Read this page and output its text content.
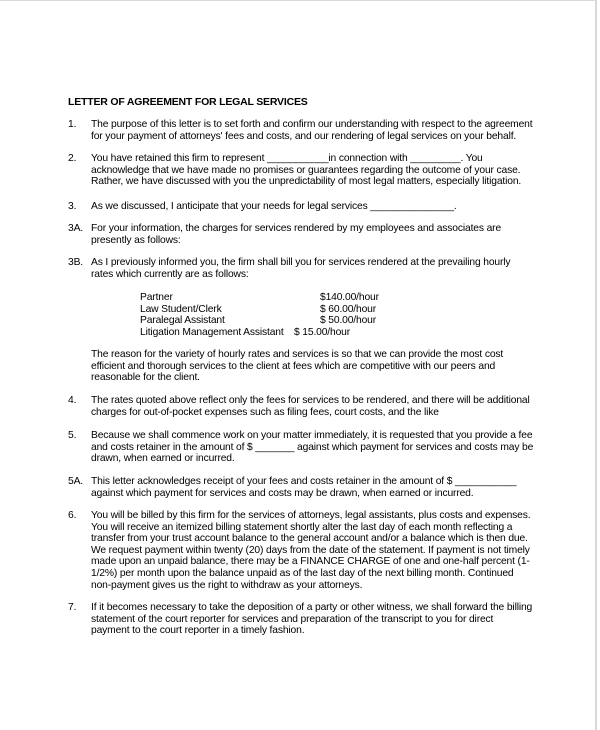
LETTER OF AGREEMENT FOR LEGAL SERVICES
1. The purpose of this letter is to set forth and confirm our understanding with respect to the agreement
for your payment of attorneys' fees and costs, and our rendering of legal services on your behalf.
2. You have retained this firm to represent ___________in connection with _________. You
acknowledge that we have made no promises or guarantees regarding the outcome of your case.
Rather, we have discussed with you the unpredictability of most legal matters, especially litigation.
3. As we discussed, I anticipate that your needs for legal services _______________.
3A. For your information, the charges for services rendered by my employees and associates are
presently as follows:
3B. As I previously informed you, the firm shall bill you for services rendered at the prevailing hourly
rates which currently are as follows:
The reason for the variety of hourly rates and services is so that we can provide the most cost
efficient and thorough services to the client at fees which are competitive with our peers and
reasonable for the client.
4. The rates quoted above reflect only the fees for services to be rendered, and there will be additional
charges for out-of-pocket expenses such as filing fees, court costs, and the like
5. Because we shall commence work on your matter immediately, it is requested that you provide a fee
and costs retainer in the amount of $ _______ against which payment for services and costs may be
drawn, when earned or incurred.
5A. This letter acknowledges receipt of your fees and costs retainer in the amount of $ ___________
against which payment for services and costs may be drawn, when earned or incurred.
6. You will be billed by this firm for the services of attorneys, legal assistants, plus costs and expenses.
You will receive an itemized billing statement shortly alter the last day of each month reflecting a
transfer from your trust account balance to the general account and/or a balance which is then due.
We request payment within twenty (20) days from the date of the statement. If payment is not timely
made upon an unpaid balance, there may be a FINANCE CHARGE of one and one-half percent (1-
1/2%) per month upon the balance unpaid as of the last day of the next billing month. Continued
non-payment gives us the right to withdraw as your attorneys.
7. If it becomes necessary to take the deposition of a party or other witness, we shall forward the billing
statement of the court reporter for services and preparation of the transcript to you for direct
payment to the court reporter in a timely fashion.
Partner	$140.00/hour
Law Student/Clerk	$ 60.00/hour
Paralegal Assistant	$ 50.00/hour
Litigation Management Assistant $ 15.00/hour
